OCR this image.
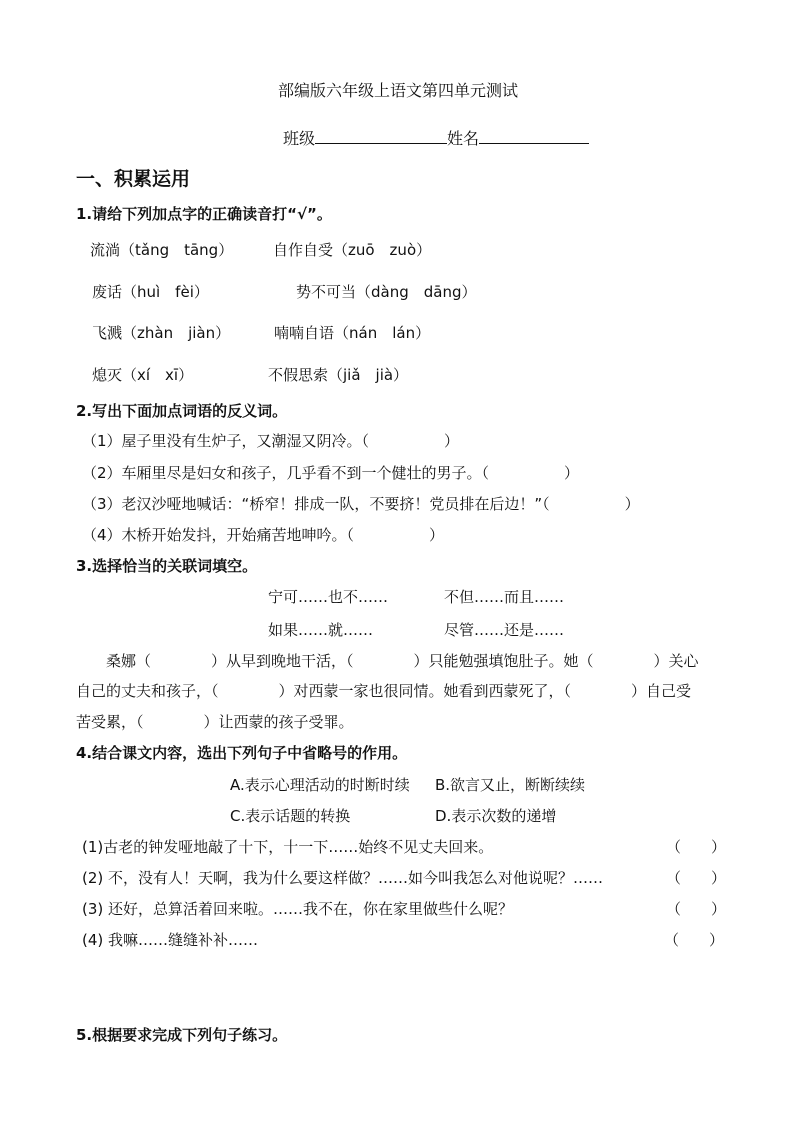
部编版六年级上语文第四单元测试
班级	姓名
一、积累运用
1.请给下列加点字的正确读音打“√”。
流淌（tǎng　tāng）	自作自受（zuō　zuò）
废话（huì　fèi）	势不可当（dàng　dāng）
飞溅（zhàn　jiàn）	喃喃自语（nán　lán）
熄灭（xí　xī）	不假思索（jiǎ　jià）
2.写出下面加点词语的反义词。
（1）屋子里没有生炉子，又潮湿又阴冷。（　　　　　）
（2）车厢里尽是妇女和孩子，几乎看不到一个健壮的男子。（　　　　　）
（3）老汉沙哑地喊话：“桥窄！排成一队，不要挤！党员排在后边！”（　　　　　）
（4）木桥开始发抖，开始痛苦地呻吟。（　　　　　）
3.选择恰当的关联词填空。
宁可……也不……	不但……而且……
如果……就……	尽管……还是……
　　桑娜（　　　　）从早到晚地干活，（　　　　）只能勉强填饱肚子。她（　　　　）关心
自己的丈夫和孩子，（　　　　）对西蒙一家也很同情。她看到西蒙死了，（　　　　）自己受
苦受累，（　　　　）让西蒙的孩子受罪。
4.结合课文内容，选出下列句子中省略号的作用。
A.表示心理活动的时断时续 B.欲言又止，断断续续
C.表示话题的转换	D.表示次数的递增
(1)古老的钟发哑地敲了十下，十一下……始终不见丈夫回来。	（　　）
(2) 不，没有人！天啊，我为什么要这样做？……如今叫我怎么对他说呢？……	（　　）
(3) 还好，总算活着回来啦。……我不在，你在家里做些什么呢？	（　　）
(4) 我嘛……缝缝补补……	（　　）
5.根据要求完成下列句子练习。
